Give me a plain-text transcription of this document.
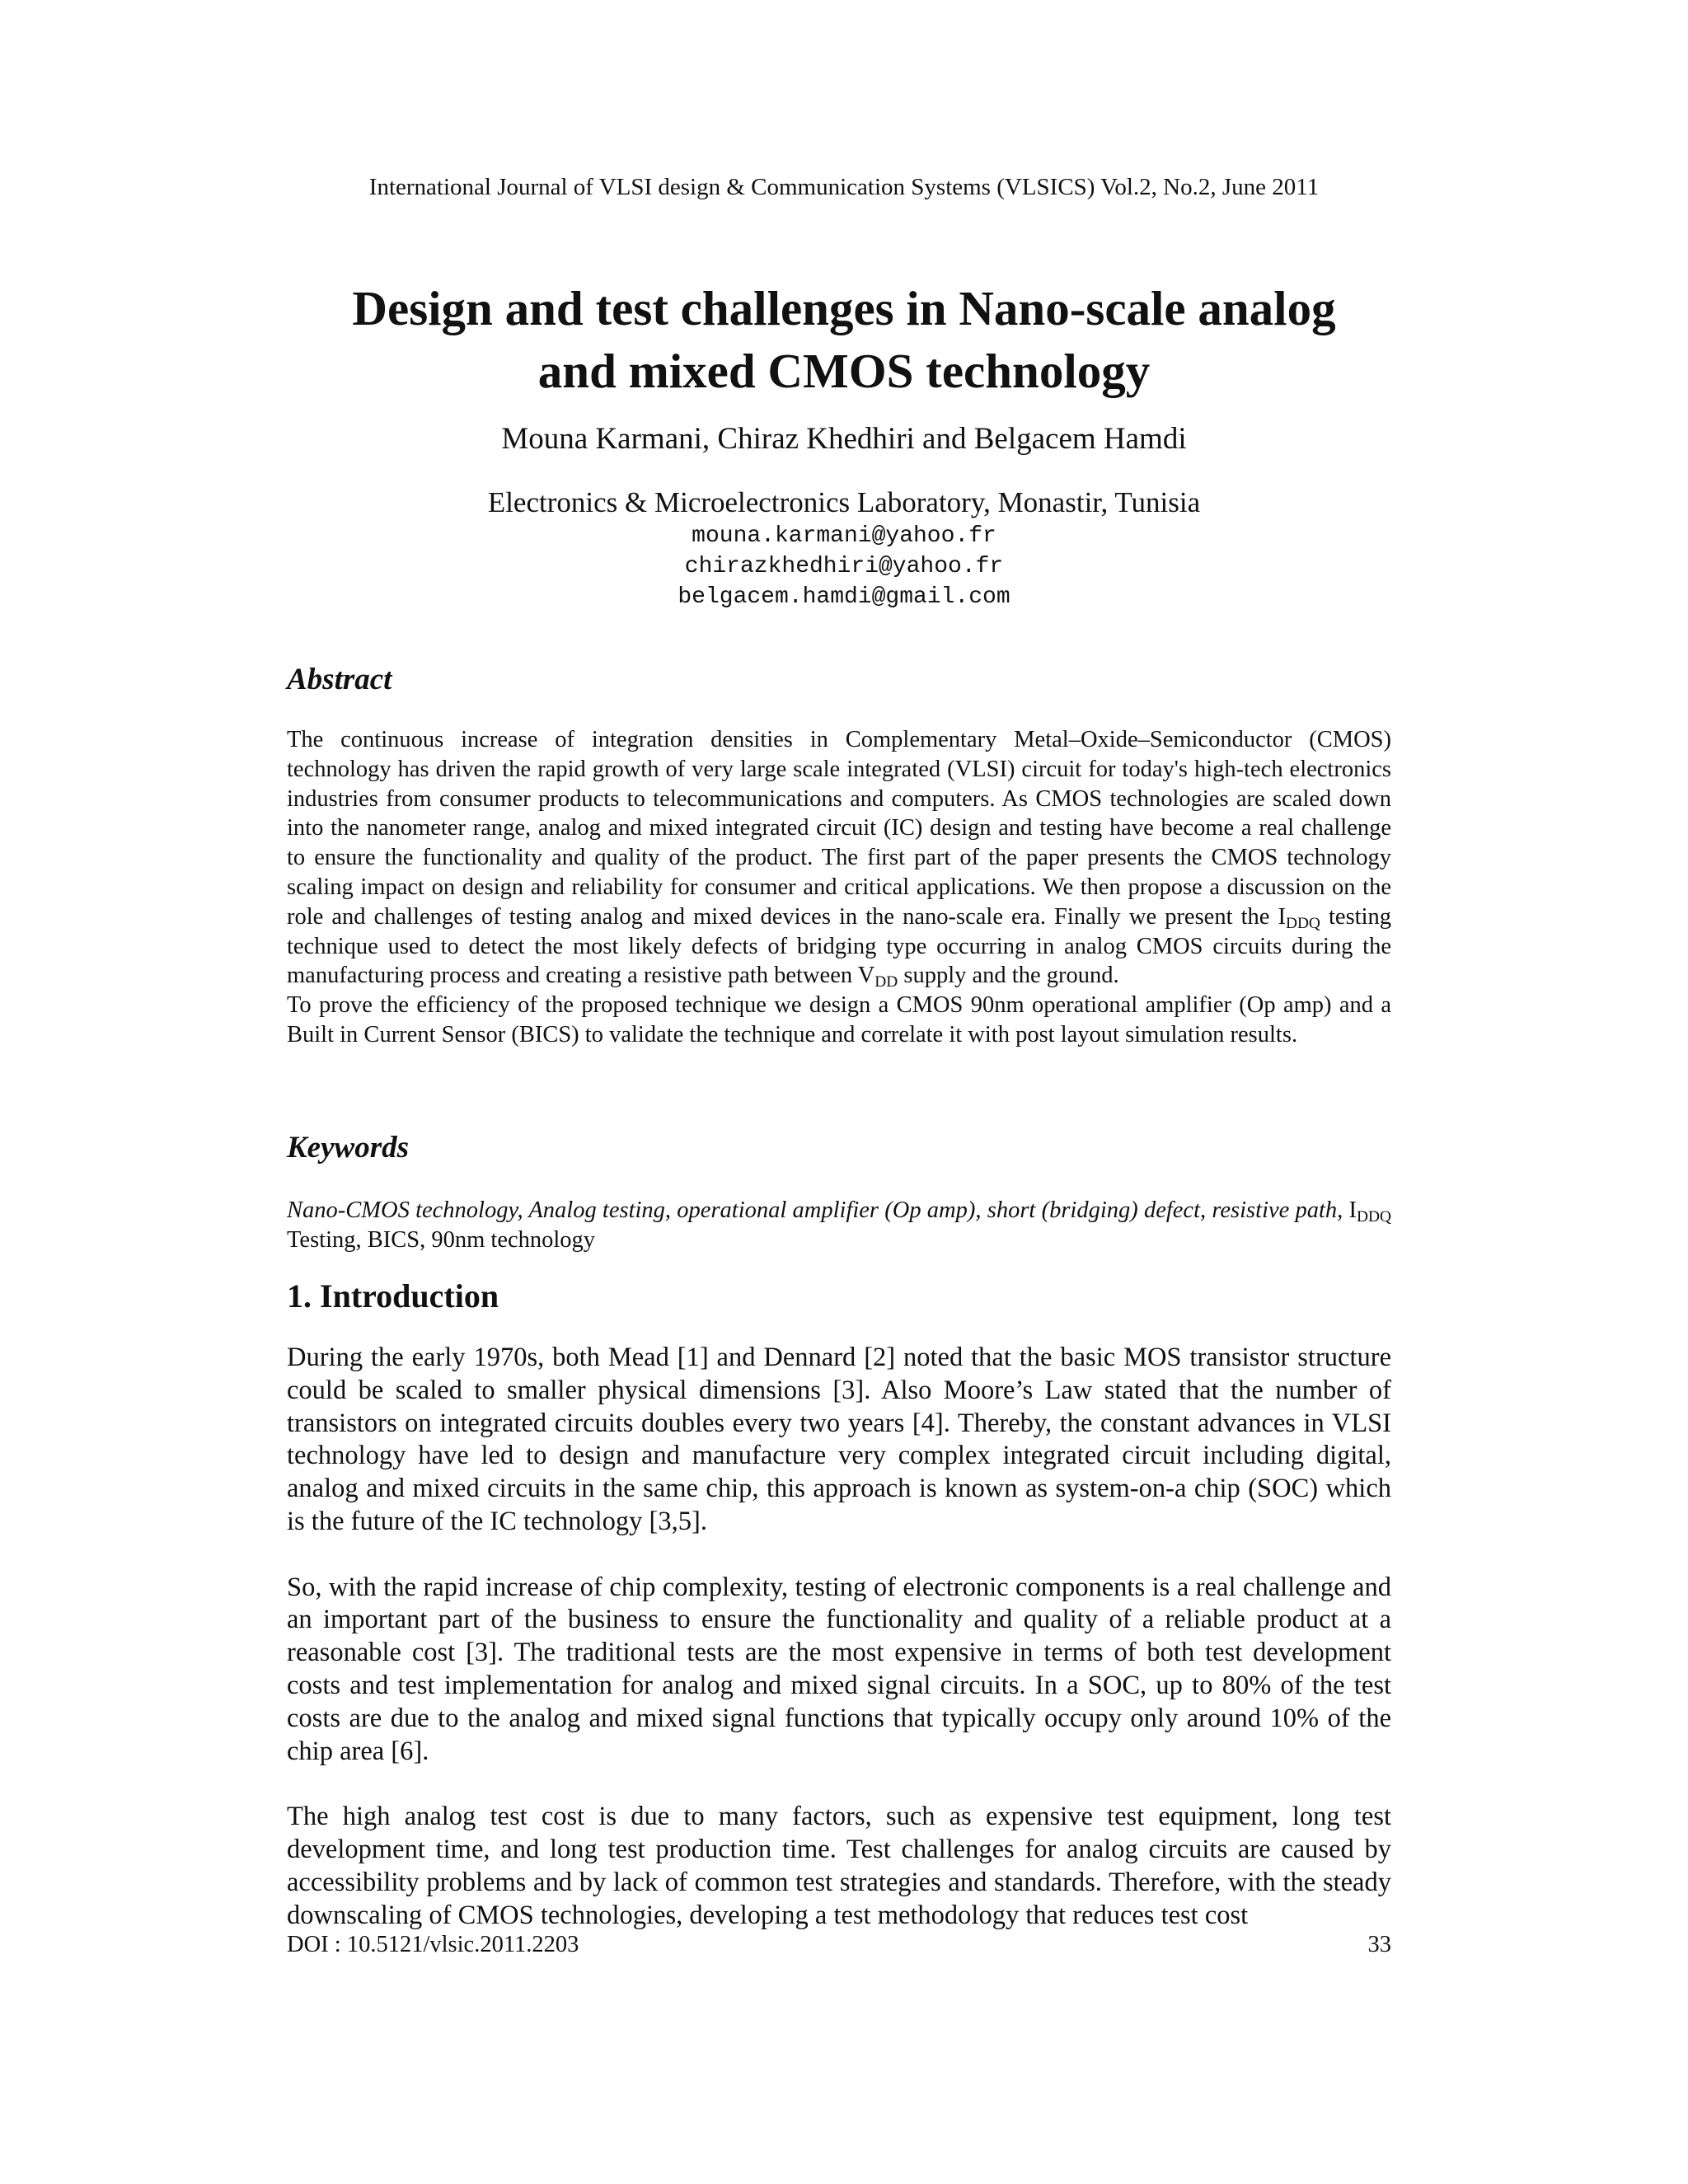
International Journal of VLSI design & Communication Systems (VLSICS) Vol.2, No.2, June 2011
Design and test challenges in Nano-scale analog
and mixed CMOS technology
Mouna Karmani, Chiraz Khedhiri and Belgacem Hamdi
Electronics & Microelectronics Laboratory, Monastir, Tunisia
mouna.karmani@yahoo.fr
chirazkhedhiri@yahoo.fr
belgacem.hamdi@gmail.com
Abstract

The continuous increase of integration densities in Complementary Metal–Oxide–Semiconductor (CMOS) technology has driven the rapid growth of very large scale integrated (VLSI) circuit for today's high-tech electronics industries from consumer products to telecommunications and computers. As CMOS technologies are scaled down into the nanometer range, analog and mixed integrated circuit (IC) design and testing have become a real challenge to ensure the functionality and quality of the product. The first part of the paper presents the CMOS technology scaling impact on design and reliability for consumer and critical applications. We then propose a discussion on the role and challenges of testing analog and mixed devices in the nano-scale era. Finally we present the $I_{DDQ}$ testing technique used to detect the most likely defects of bridging type occurring in analog CMOS circuits during the manufacturing process and creating a resistive path between $V_{DD}$ supply and the ground.

To prove the efficiency of the proposed technique we design a CMOS 90nm operational amplifier (Op amp) and a Built in Current Sensor (BICS) to validate the technique and correlate it with post layout simulation results.

Keywords
Nano-CMOS technology, Analog testing, operational amplifier (Op amp), short (bridging) defect, resistive path, $I_{DDQ}$ Testing, BICS, 90nm technology
1. Introduction

During the early 1970s, both Mead [1] and Dennard [2] noted that the basic MOS transistor structure could be scaled to smaller physical dimensions [3]. Also Moore’s Law stated that the number of transistors on integrated circuits doubles every two years [4]. Thereby, the constant advances in VLSI technology have led to design and manufacture very complex integrated circuit including digital, analog and mixed circuits in the same chip, this approach is known as system-on-a chip (SOC) which is the future of the IC technology [3,5].

So, with the rapid increase of chip complexity, testing of electronic components is a real challenge and an important part of the business to ensure the functionality and quality of a reliable product at a reasonable cost [3]. The traditional tests are the most expensive in terms of both test development costs and test implementation for analog and mixed signal circuits. In a SOC, up to 80% of the test costs are due to the analog and mixed signal functions that typically occupy only around 10% of the chip area [6].

The high analog test cost is due to many factors, such as expensive test equipment, long test development time, and long test production time. Test challenges for analog circuits are caused by accessibility problems and by lack of common test strategies and standards. Therefore, with the steady downscaling of CMOS technologies, developing a test methodology that reduces test cost

DOI : 10.5121/vlsic.2011.2203	33
